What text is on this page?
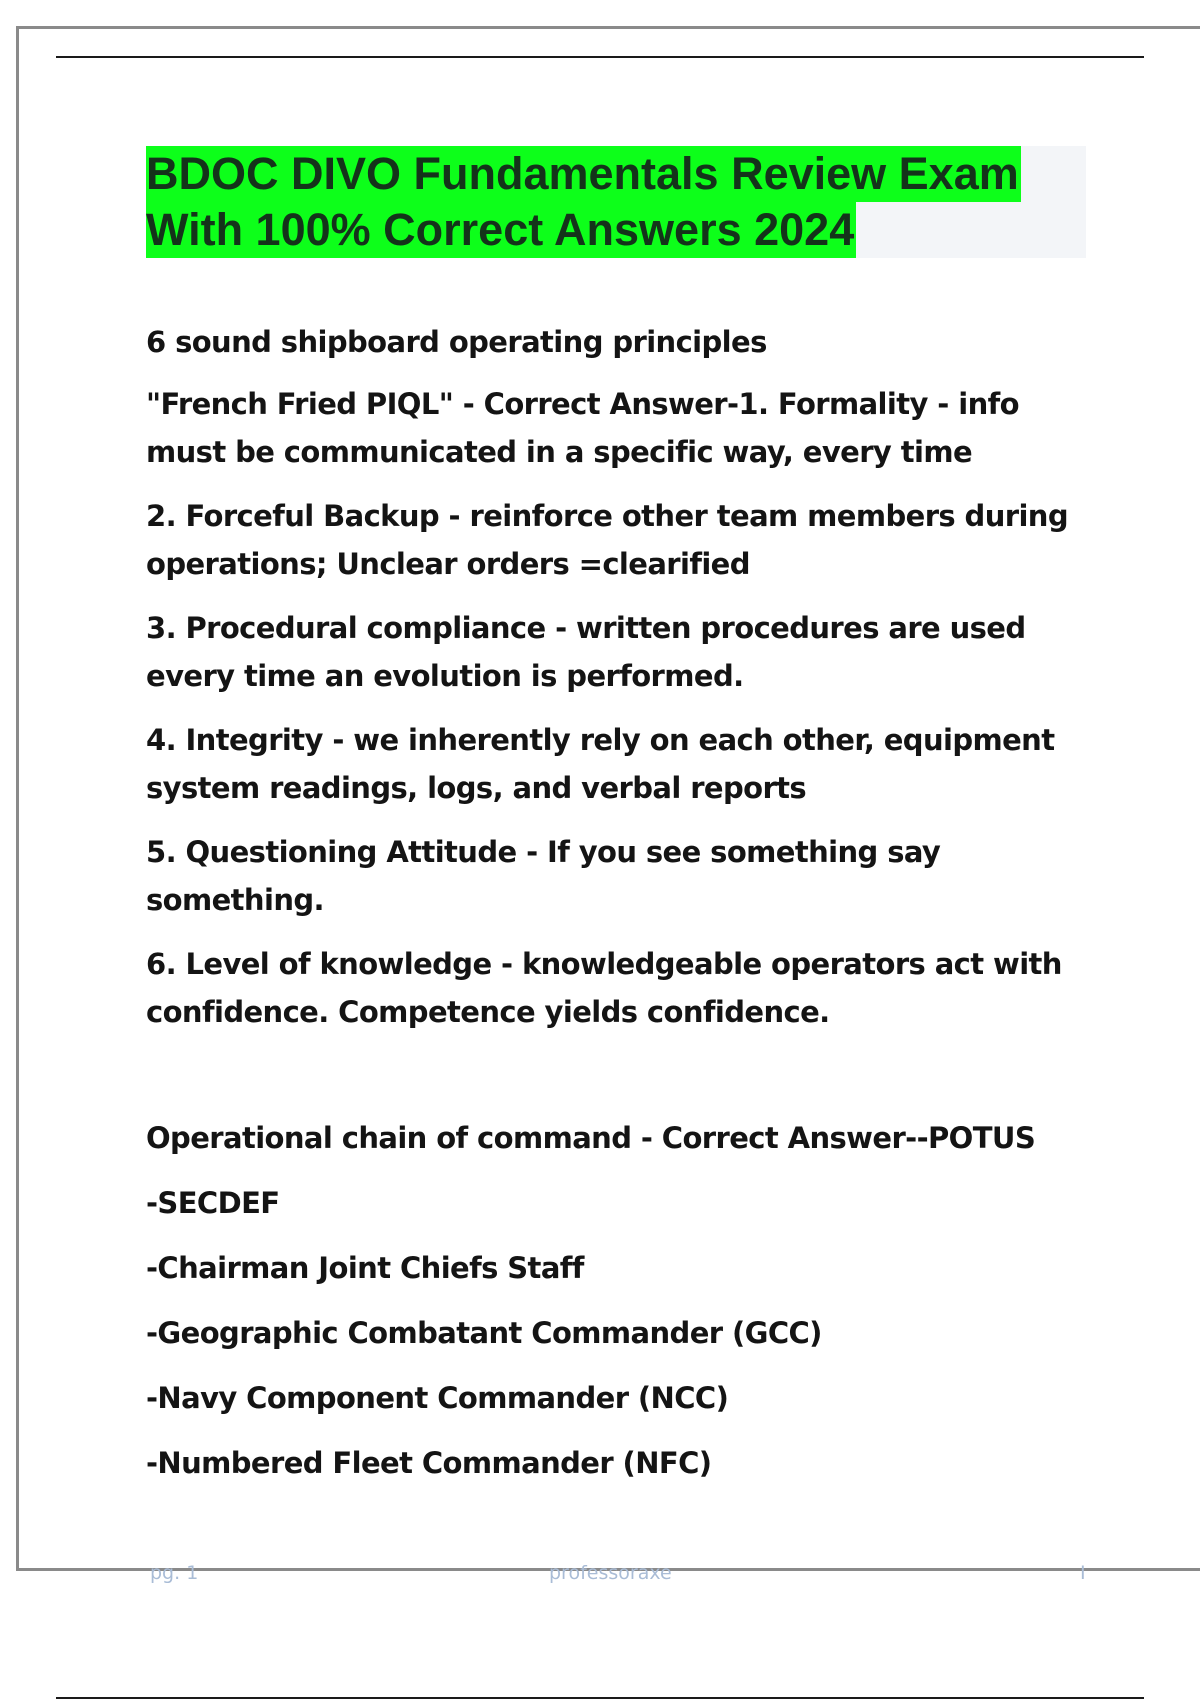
BDOC DIVO Fundamentals Review Exam
With 100% Correct Answers 2024

6 sound shipboard operating principles

"French Fried PIQL" - Correct Answer-1. Formality - info must be communicated in a specific way, every time

2. Forceful Backup - reinforce other team members during operations; Unclear orders =clearified

3. Procedural compliance - written procedures are used every time an evolution is performed.

4. Integrity - we inherently rely on each other, equipment system readings, logs, and verbal reports

5. Questioning Attitude - If you see something say something.

6. Level of knowledge - knowledgeable operators act with confidence. Competence yields confidence.

Operational chain of command - Correct Answer--POTUS

-SECDEF

-Chairman Joint Chiefs Staff

-Geographic Combatant Commander (GCC)

-Navy Component Commander (NCC)

-Numbered Fleet Commander (NFC)

pg. 1	professoraxe	I
